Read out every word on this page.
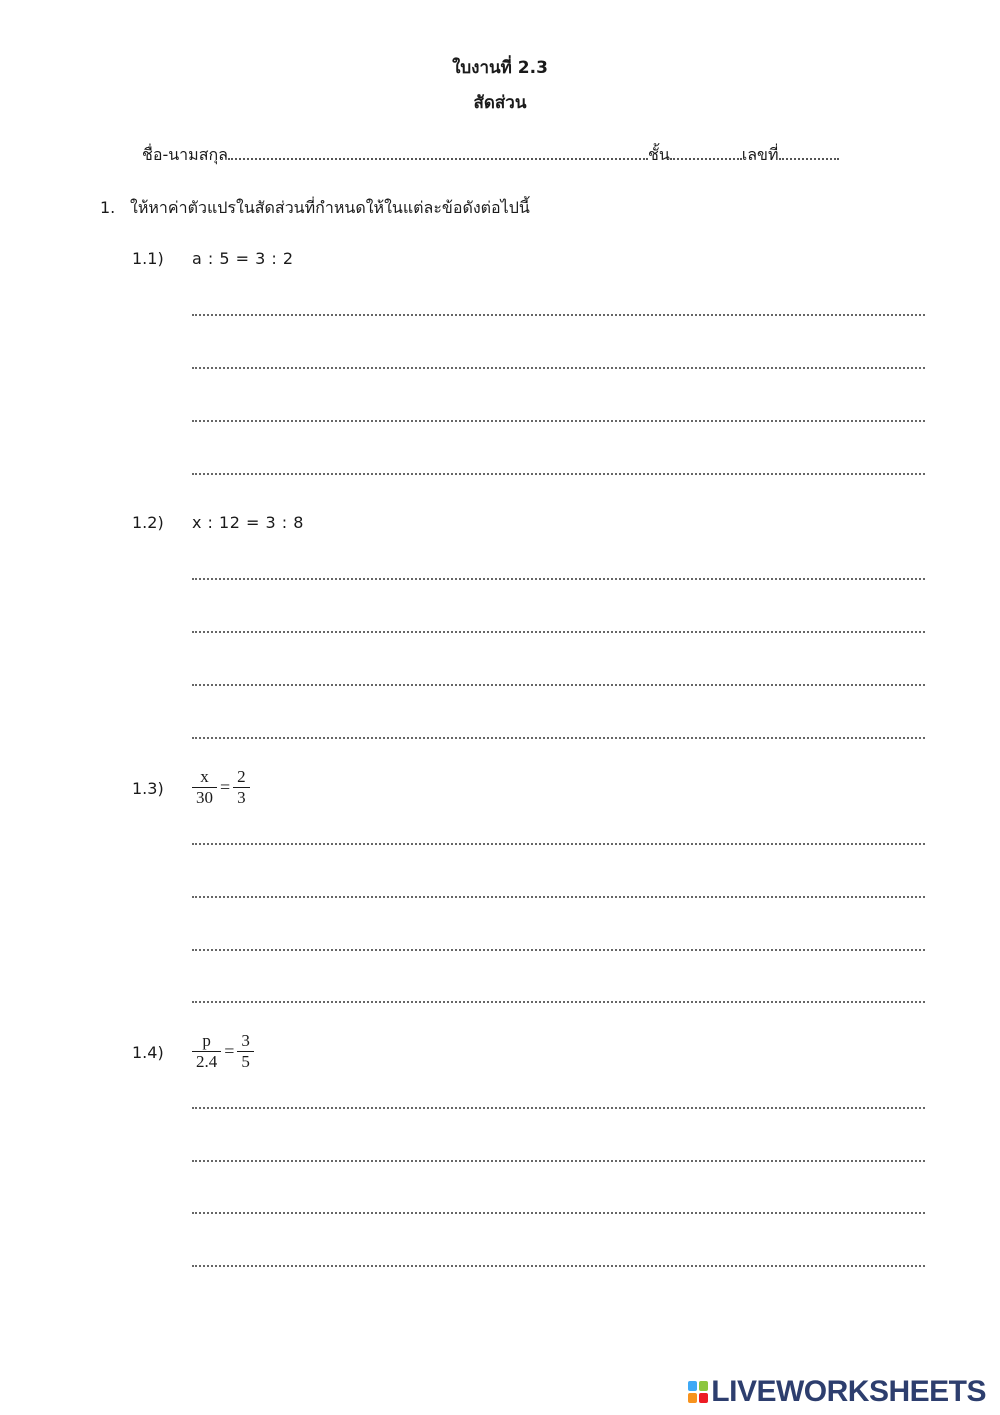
ใบงานที่ 2.3
สัดส่วน
ชื่อ-นามสกุล	ชั้น	เลขที่
1. ให้หาค่าตัวแปรในสัดส่วนที่กำหนดให้ในแต่ละข้อดังต่อไปนี้
1.1) a : 5 = 3 : 2
1.2) x : 12 = 3 : 8
$1.3) \frac{x}{30} = \frac{2}{3}$
$1.4) \frac{p}{2.4} = \frac{3}{5}$
LIVEWORKSHEETS
